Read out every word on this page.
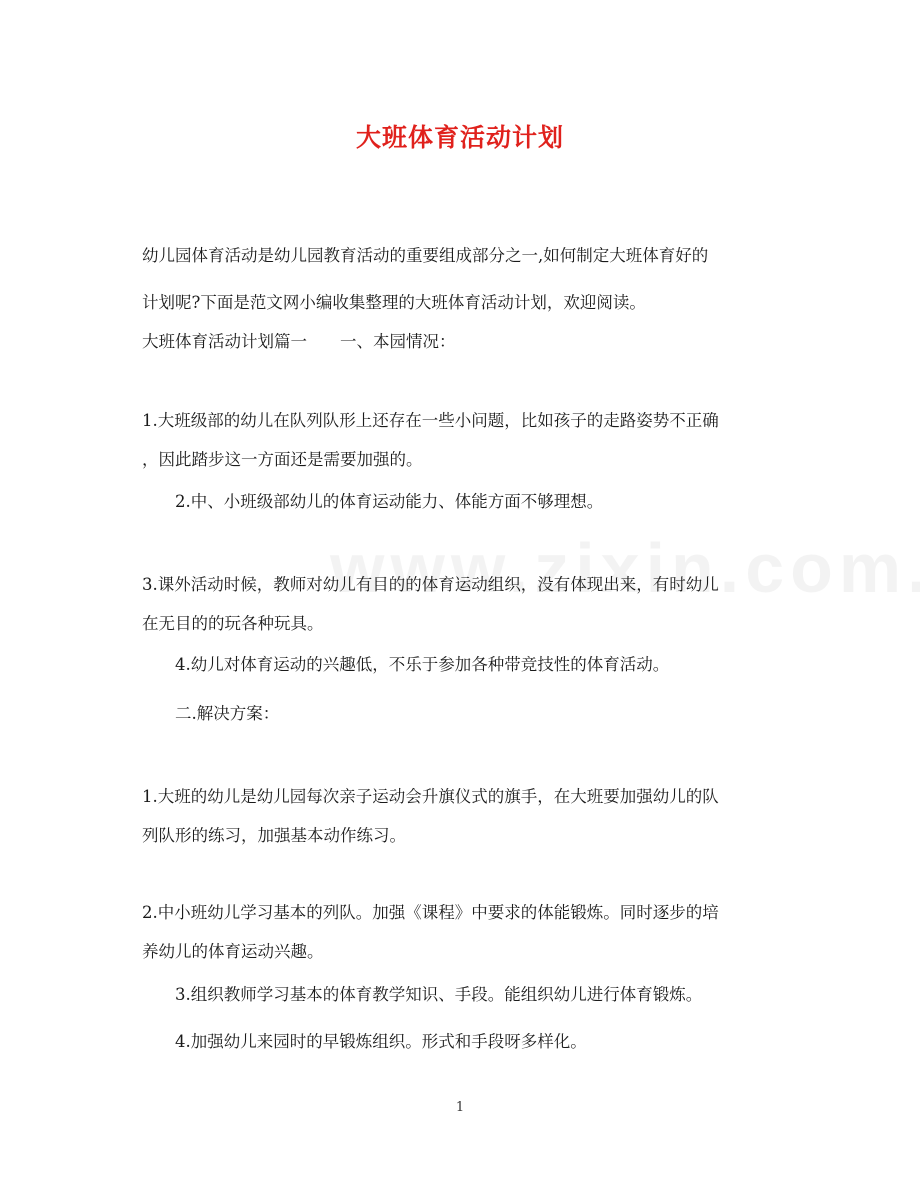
大班体育活动计划
幼儿园体育活动是幼儿园教育活动的重要组成部分之一,如何制定大班体育好的
计划呢?下面是范文网小编收集整理的大班体育活动计划，欢迎阅读。
大班体育活动计划篇一　　一、本园情况：
1.大班级部的幼儿在队列队形上还存在一些小问题，比如孩子的走路姿势不正确
，因此踏步这一方面还是需要加强的。
2.中、小班级部幼儿的体育运动能力、体能方面不够理想。
3.课外活动时候，教师对幼儿有目的的体育运动组织，没有体现出来，有时幼儿
在无目的的玩各种玩具。
4.幼儿对体育运动的兴趣低，不乐于参加各种带竞技性的体育活动。
二.解决方案：
1.大班的幼儿是幼儿园每次亲子运动会升旗仪式的旗手，在大班要加强幼儿的队
列队形的练习，加强基本动作练习。
2.中小班幼儿学习基本的列队。加强《课程》中要求的体能锻炼。同时逐步的培
养幼儿的体育运动兴趣。
3.组织教师学习基本的体育教学知识、手段。能组织幼儿进行体育锻炼。
4.加强幼儿来园时的早锻炼组织。形式和手段呀多样化。
1
